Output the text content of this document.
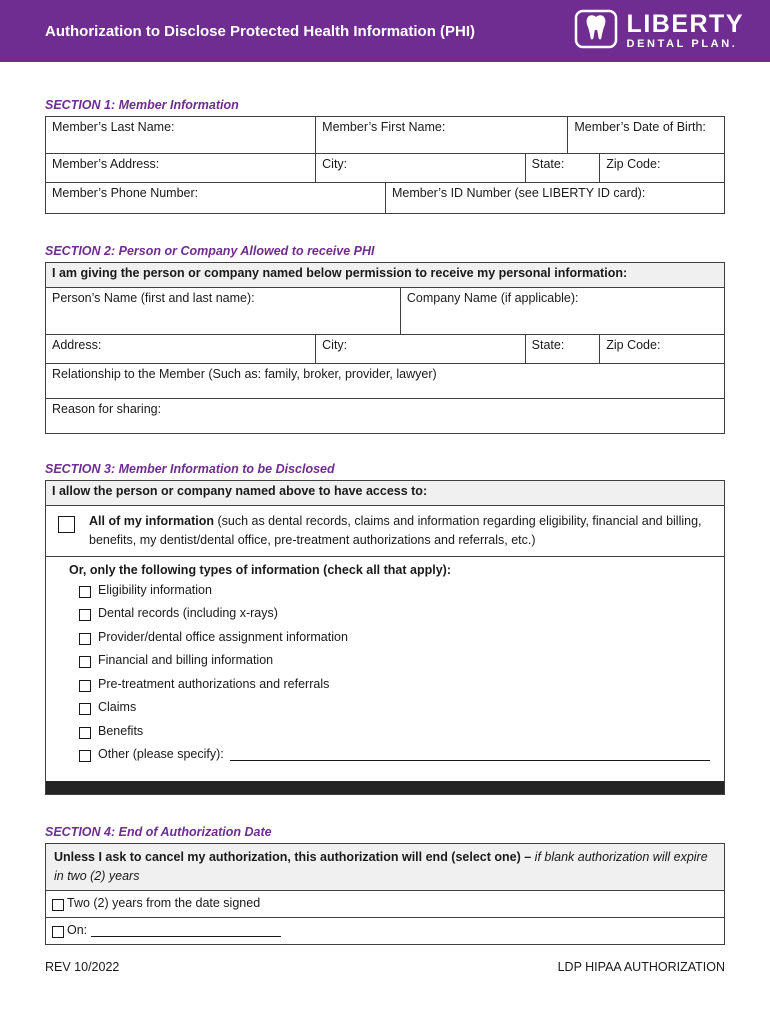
Authorization to Disclose Protected Health Information (PHI)	LIBERTY
DENTAL PLAN.
SECTION 1: Member Information
Member’s Last Name:	Member’s First Name:	Member’s Date of Birth:
Member’s Address:	City:	State:	Zip Code:
Member’s Phone Number:	Member’s ID Number (see LIBERTY ID card):
SECTION 2: Person or Company Allowed to receive PHI
I am giving the person or company named below permission to receive my personal information:
Person’s Name (first and last name):	Company Name (if applicable):
Address:	City:	State:	Zip Code:
Relationship to the Member (Such as: family, broker, provider, lawyer)
Reason for sharing:
SECTION 3: Member Information to be Disclosed
I allow the person or company named above to have access to:
All of my information (such as dental records, claims and information regarding eligibility, financial and billing, benefits, my dentist/dental office, pre-treatment authorizations and referrals, etc.)
Or, only the following types of information (check all that apply):
Eligibility information
Dental records (including x-rays)
Provider/dental office assignment information
Financial and billing information
Pre-treatment authorizations and referrals
Claims
Benefits
Other (please specify):
SECTION 4: End of Authorization Date
Unless I ask to cancel my authorization, this authorization will end (select one) – if blank authorization will expire in two (2) years
Two (2) years from the date signed
On:
REV 10/2022	LDP HIPAA AUTHORIZATION
